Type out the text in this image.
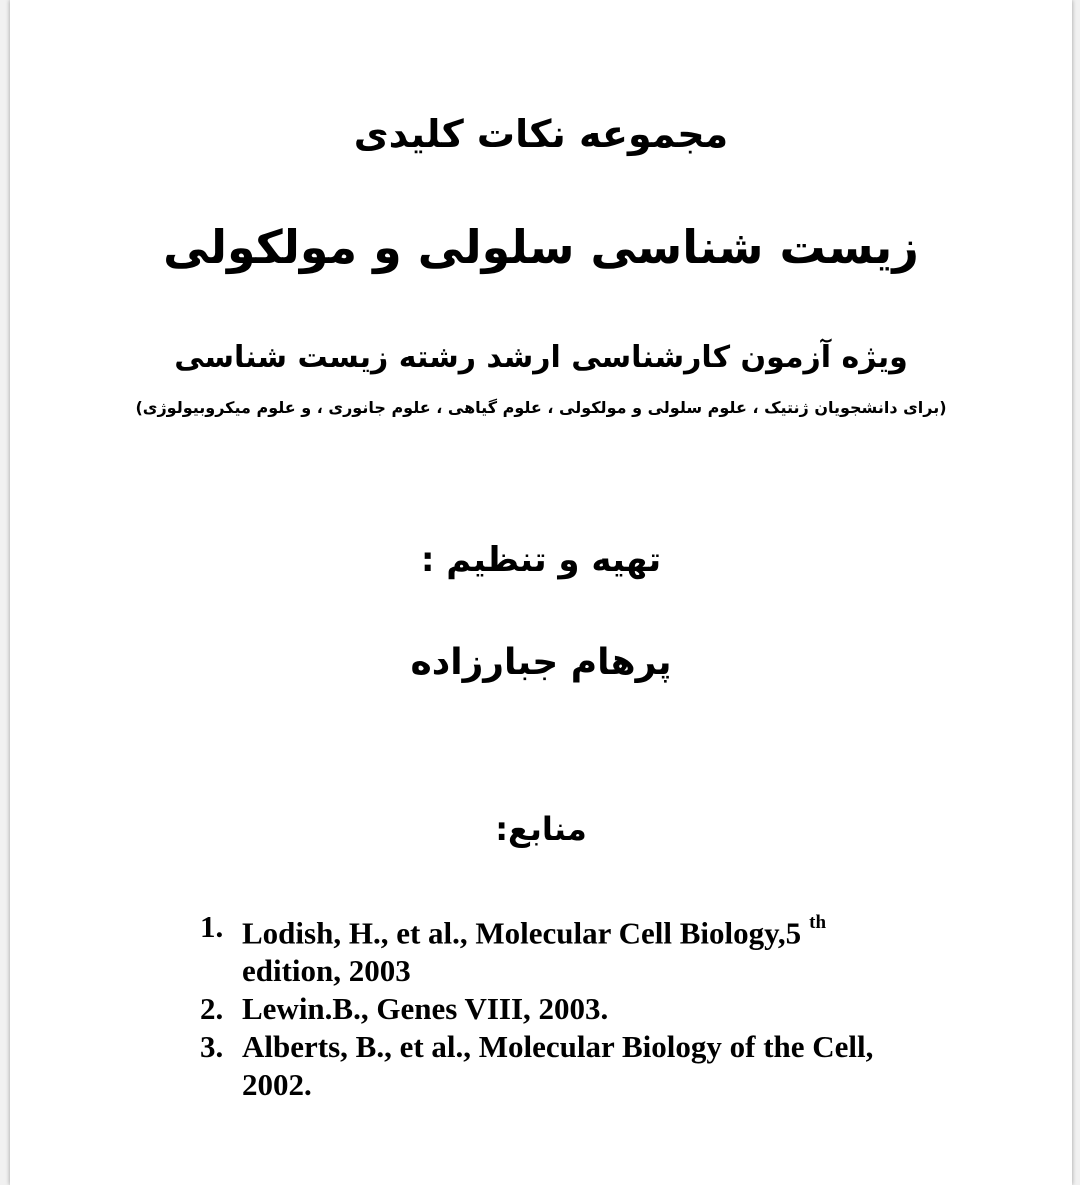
مجموعه نکات کلیدی
زیست شناسی سلولی و مولکولی
ویژه آزمون کارشناسی ارشد رشته زیست شناسی
(برای دانشجویان ژنتیک ، علوم سلولی و مولکولی ، علوم گیاهی ، علوم جانوری ، و علوم میکروبیولوژی)
تهیه و تنظیم :
پرهام جبارزاده
منابع:
1. Lodish, H., et al., Molecular Cell Biology,5 $^{th}$
edition, 2003
2. Lewin.B., Genes VIII, 2003.
3. Alberts, B., et al., Molecular Biology of the Cell,
2002.
